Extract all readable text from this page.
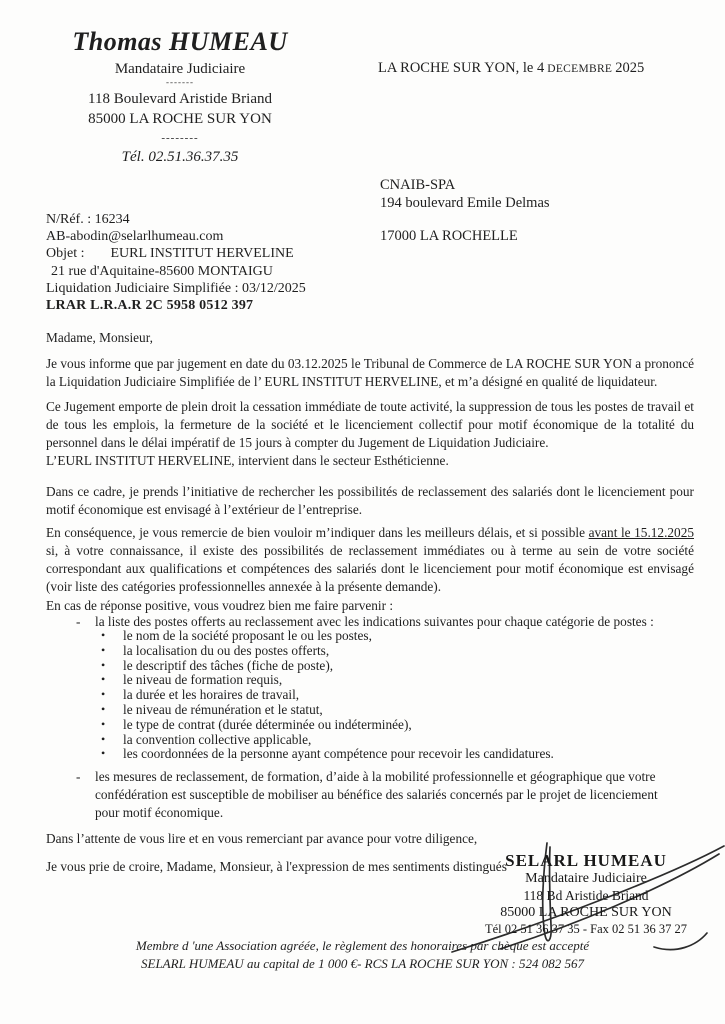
Thomas HUMEAU
Mandataire Judiciaire
-------
118 Boulevard Aristide Briand
85000 LA ROCHE SUR YON
--------
Tél. 02.51.36.37.35
LA ROCHE SUR YON, le 4 DECEMBRE 2025
CNAIB-SPA
194 boulevard Emile Delmas
17000 LA ROCHELLE
N/Réf. : 16234
AB-abodin@selarlhumeau.com
Objet : EURL INSTITUT HERVELINE
21 rue d'Aquitaine-85600 MONTAIGU
Liquidation Judiciaire Simplifiée : 03/12/2025
LRAR L.R.A.R 2C 5958 0512 397
Madame, Monsieur,
Je vous informe que par jugement en date du 03.12.2025 le Tribunal de Commerce de LA ROCHE SUR YON a prononcé la Liquidation Judiciaire Simplifiée de l’ EURL INSTITUT HERVELINE, et m’a désigné en qualité de liquidateur.
Ce Jugement emporte de plein droit la cessation immédiate de toute activité, la suppression de tous les postes de travail et de tous les emplois, la fermeture de la société et le licenciement collectif pour motif économique de la totalité du personnel dans le délai impératif de 15 jours à compter du Jugement de Liquidation Judiciaire.
L’EURL INSTITUT HERVELINE, intervient dans le secteur Esthéticienne.
Dans ce cadre, je prends l’initiative de rechercher les possibilités de reclassement des salariés dont le licenciement pour motif économique est envisagé à l’extérieur de l’entreprise.
En conséquence, je vous remercie de bien vouloir m’indiquer dans les meilleurs délais, et si possible avant le 15.12.2025 si, à votre connaissance, il existe des possibilités de reclassement immédiates ou à terme au sein de votre société correspondant aux qualifications et compétences des salariés dont le licenciement pour motif économique est envisagé (voir liste des catégories professionnelles annexée à la présente demande).
En cas de réponse positive, vous voudrez bien me faire parvenir :
- la liste des postes offerts au reclassement avec les indications suivantes pour chaque catégorie de postes :
• le nom de la société proposant le ou les postes,
• la localisation du ou des postes offerts,
• le descriptif des tâches (fiche de poste),
• le niveau de formation requis,
• la durée et les horaires de travail,
• le niveau de rémunération et le statut,
• le type de contrat (durée déterminée ou indéterminée),
• la convention collective applicable,
• les coordonnées de la personne ayant compétence pour recevoir les candidatures.
- les mesures de reclassement, de formation, d’aide à la mobilité professionnelle et géographique que votre confédération est susceptible de mobiliser au bénéfice des salariés concernés par le projet de licenciement pour motif économique.
Dans l’attente de vous lire et en vous remerciant par avance pour votre diligence,
Je vous prie de croire, Madame, Monsieur, à l'expression de mes sentiments distingués
SELARL HUMEAU
Mandataire Judiciaire
118 Bd Aristide Briand
85000 LA ROCHE SUR YON
Tél 02 51 36 37 35 - Fax 02 51 36 37 27
Membre d 'une Association agréée, le règlement des honoraires par chèque est accepté
SELARL HUMEAU au capital de 1 000 €- RCS LA ROCHE SUR YON : 524 082 567
